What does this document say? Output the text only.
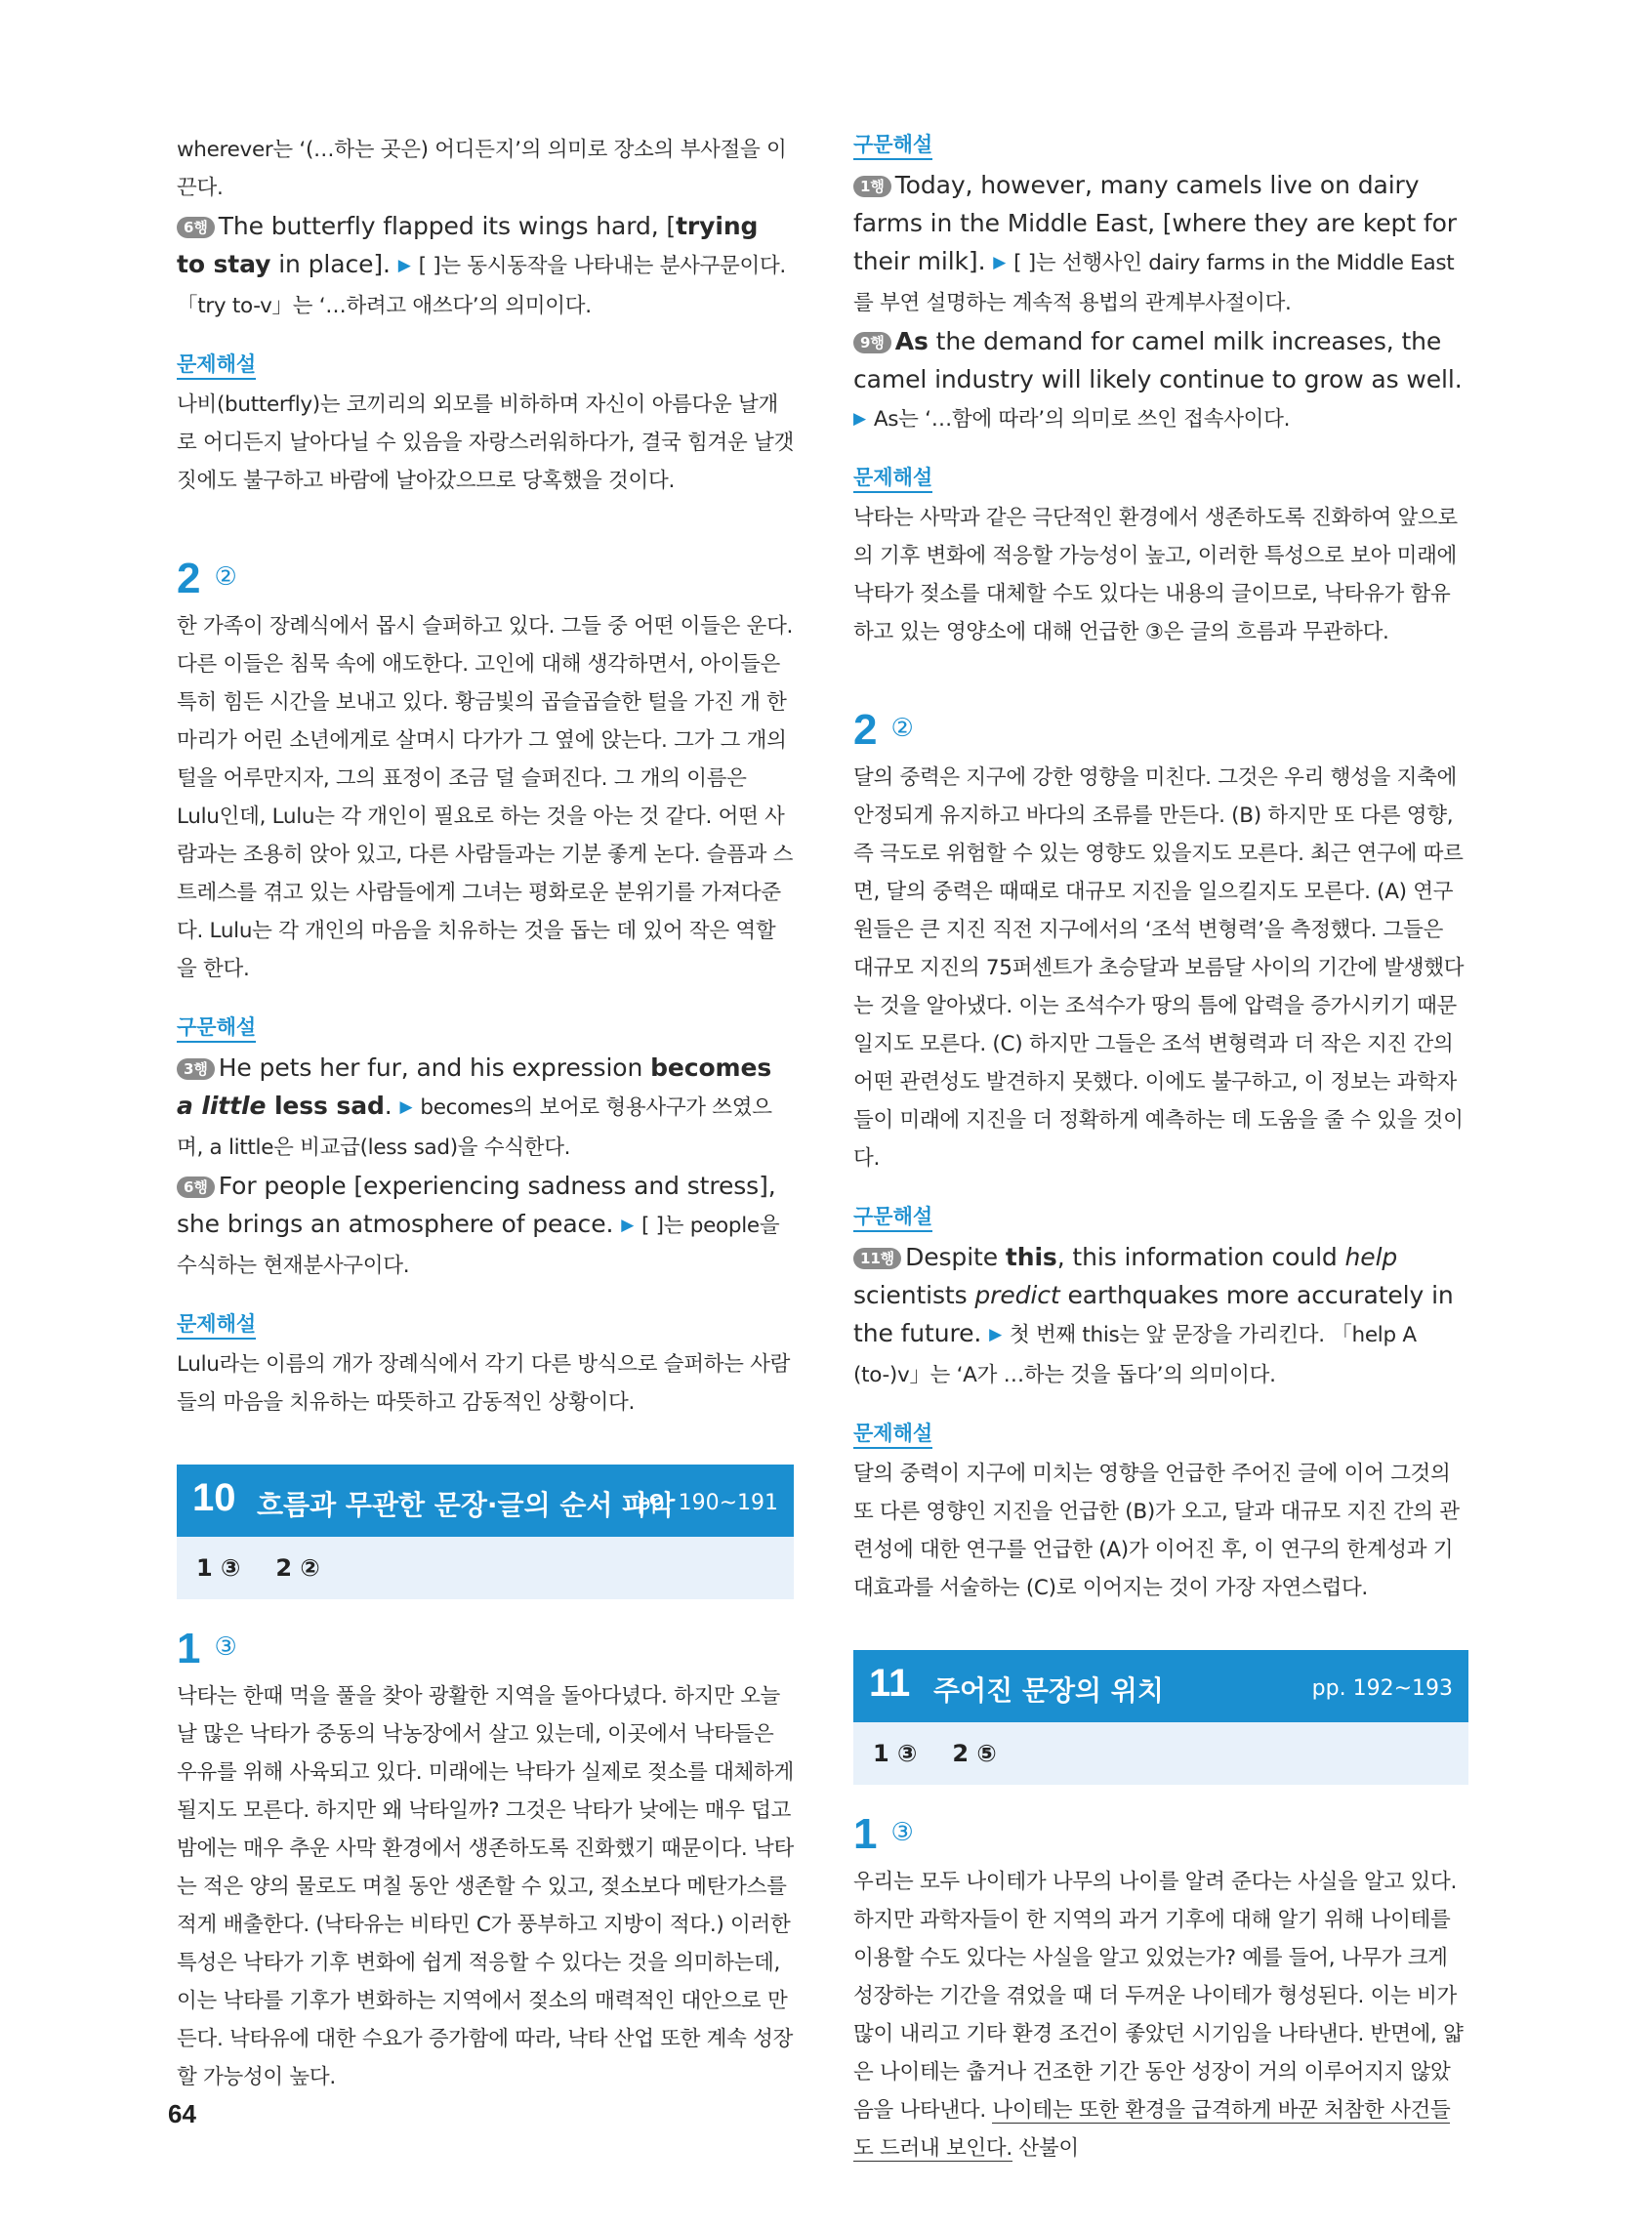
wherever는 ‘(…하는 곳은) 어디든지’의 의미로 장소의 부사절을 이끈다.

6행 The butterfly flapped its wings hard, [trying to stay in place]. ▶ [ ]는 동시동작을 나타내는 분사구문이다. 「try to-v」는 ‘…하려고 애쓰다’의 의미이다.

문제해설

나비(butterfly)는 코끼리의 외모를 비하하며 자신이 아름다운 날개로 어디든지 날아다닐 수 있음을 자랑스러워하다가, 결국 힘겨운 날갯짓에도 불구하고 바람에 날아갔으므로 당혹했을 것이다.

2 ②

한 가족이 장례식에서 몹시 슬퍼하고 있다. 그들 중 어떤 이들은 운다. 다른 이들은 침묵 속에 애도한다. 고인에 대해 생각하면서, 아이들은 특히 힘든 시간을 보내고 있다. 황금빛의 곱슬곱슬한 털을 가진 개 한 마리가 어린 소년에게로 살며시 다가가 그 옆에 앉는다. 그가 그 개의 털을 어루만지자, 그의 표정이 조금 덜 슬퍼진다. 그 개의 이름은 Lulu인데, Lulu는 각 개인이 필요로 하는 것을 아는 것 같다. 어떤 사람과는 조용히 앉아 있고, 다른 사람들과는 기분 좋게 논다. 슬픔과 스트레스를 겪고 있는 사람들에게 그녀는 평화로운 분위기를 가져다준다. Lulu는 각 개인의 마음을 치유하는 것을 돕는 데 있어 작은 역할을 한다.

구문해설

3행 He pets her fur, and his expression becomes a little less sad. ▶ becomes의 보어로 형용사구가 쓰였으며, a little은 비교급(less sad)을 수식한다.

6행 For people [experiencing sadness and stress], she brings an atmosphere of peace. ▶ [ ]는 people을 수식하는 현재분사구이다.

문제해설

Lulu라는 이름의 개가 장례식에서 각기 다른 방식으로 슬퍼하는 사람들의 마음을 치유하는 따뜻하고 감동적인 상황이다.

10 흐름과 무관한 문장·글의 순서 파악
pp. 190~191
1 ③ 2 ②
1 ③

낙타는 한때 먹을 풀을 찾아 광활한 지역을 돌아다녔다. 하지만 오늘날 많은 낙타가 중동의 낙농장에서 살고 있는데, 이곳에서 낙타들은 우유를 위해 사육되고 있다. 미래에는 낙타가 실제로 젖소를 대체하게 될지도 모른다. 하지만 왜 낙타일까? 그것은 낙타가 낮에는 매우 덥고 밤에는 매우 추운 사막 환경에서 생존하도록 진화했기 때문이다. 낙타는 적은 양의 물로도 며칠 동안 생존할 수 있고, 젖소보다 메탄가스를 적게 배출한다. (낙타유는 비타민 C가 풍부하고 지방이 적다.) 이러한 특성은 낙타가 기후 변화에 쉽게 적응할 수 있다는 것을 의미하는데, 이는 낙타를 기후가 변화하는 지역에서 젖소의 매력적인 대안으로 만든다. 낙타유에 대한 수요가 증가함에 따라, 낙타 산업 또한 계속 성장할 가능성이 높다.

구문해설

1행 Today, however, many camels live on dairy farms in the Middle East, [where they are kept for their milk]. ▶ [ ]는 선행사인 dairy farms in the Middle East를 부연 설명하는 계속적 용법의 관계부사절이다.

9행 As the demand for camel milk increases, the camel industry will likely continue to grow as well. ▶ As는 ‘…함에 따라’의 의미로 쓰인 접속사이다.

문제해설

낙타는 사막과 같은 극단적인 환경에서 생존하도록 진화하여 앞으로의 기후 변화에 적응할 가능성이 높고, 이러한 특성으로 보아 미래에 낙타가 젖소를 대체할 수도 있다는 내용의 글이므로, 낙타유가 함유하고 있는 영양소에 대해 언급한 ③은 글의 흐름과 무관하다.

2 ②

달의 중력은 지구에 강한 영향을 미친다. 그것은 우리 행성을 지축에 안정되게 유지하고 바다의 조류를 만든다. (B) 하지만 또 다른 영향, 즉 극도로 위험할 수 있는 영향도 있을지도 모른다. 최근 연구에 따르면, 달의 중력은 때때로 대규모 지진을 일으킬지도 모른다. (A) 연구원들은 큰 지진 직전 지구에서의 ‘조석 변형력’을 측정했다. 그들은 대규모 지진의 75퍼센트가 초승달과 보름달 사이의 기간에 발생했다는 것을 알아냈다. 이는 조석수가 땅의 틈에 압력을 증가시키기 때문일지도 모른다. (C) 하지만 그들은 조석 변형력과 더 작은 지진 간의 어떤 관련성도 발견하지 못했다. 이에도 불구하고, 이 정보는 과학자들이 미래에 지진을 더 정확하게 예측하는 데 도움을 줄 수 있을 것이다.

구문해설

11행 Despite this, this information could help scientists predict earthquakes more accurately in the future. ▶ 첫 번째 this는 앞 문장을 가리킨다. 「help A (to-)v」는 ‘A가 …하는 것을 돕다’의 의미이다.

문제해설

달의 중력이 지구에 미치는 영향을 언급한 주어진 글에 이어 그것의 또 다른 영향인 지진을 언급한 (B)가 오고, 달과 대규모 지진 간의 관련성에 대한 연구를 언급한 (A)가 이어진 후, 이 연구의 한계성과 기대효과를 서술하는 (C)로 이어지는 것이 가장 자연스럽다.

11 주어진 문장의 위치	pp. 192~193
1 ③ 2 ⑤
1 ③

우리는 모두 나이테가 나무의 나이를 알려 준다는 사실을 알고 있다. 하지만 과학자들이 한 지역의 과거 기후에 대해 알기 위해 나이테를 이용할 수도 있다는 사실을 알고 있었는가? 예를 들어, 나무가 크게 성장하는 기간을 겪었을 때 더 두꺼운 나이테가 형성된다. 이는 비가 많이 내리고 기타 환경 조건이 좋았던 시기임을 나타낸다. 반면에, 얇은 나이테는 춥거나 건조한 기간 동안 성장이 거의 이루어지지 않았음을 나타낸다. 나이테는 또한 환경을 급격하게 바꾼 처참한 사건들도 드러내 보인다. 산불이

64
